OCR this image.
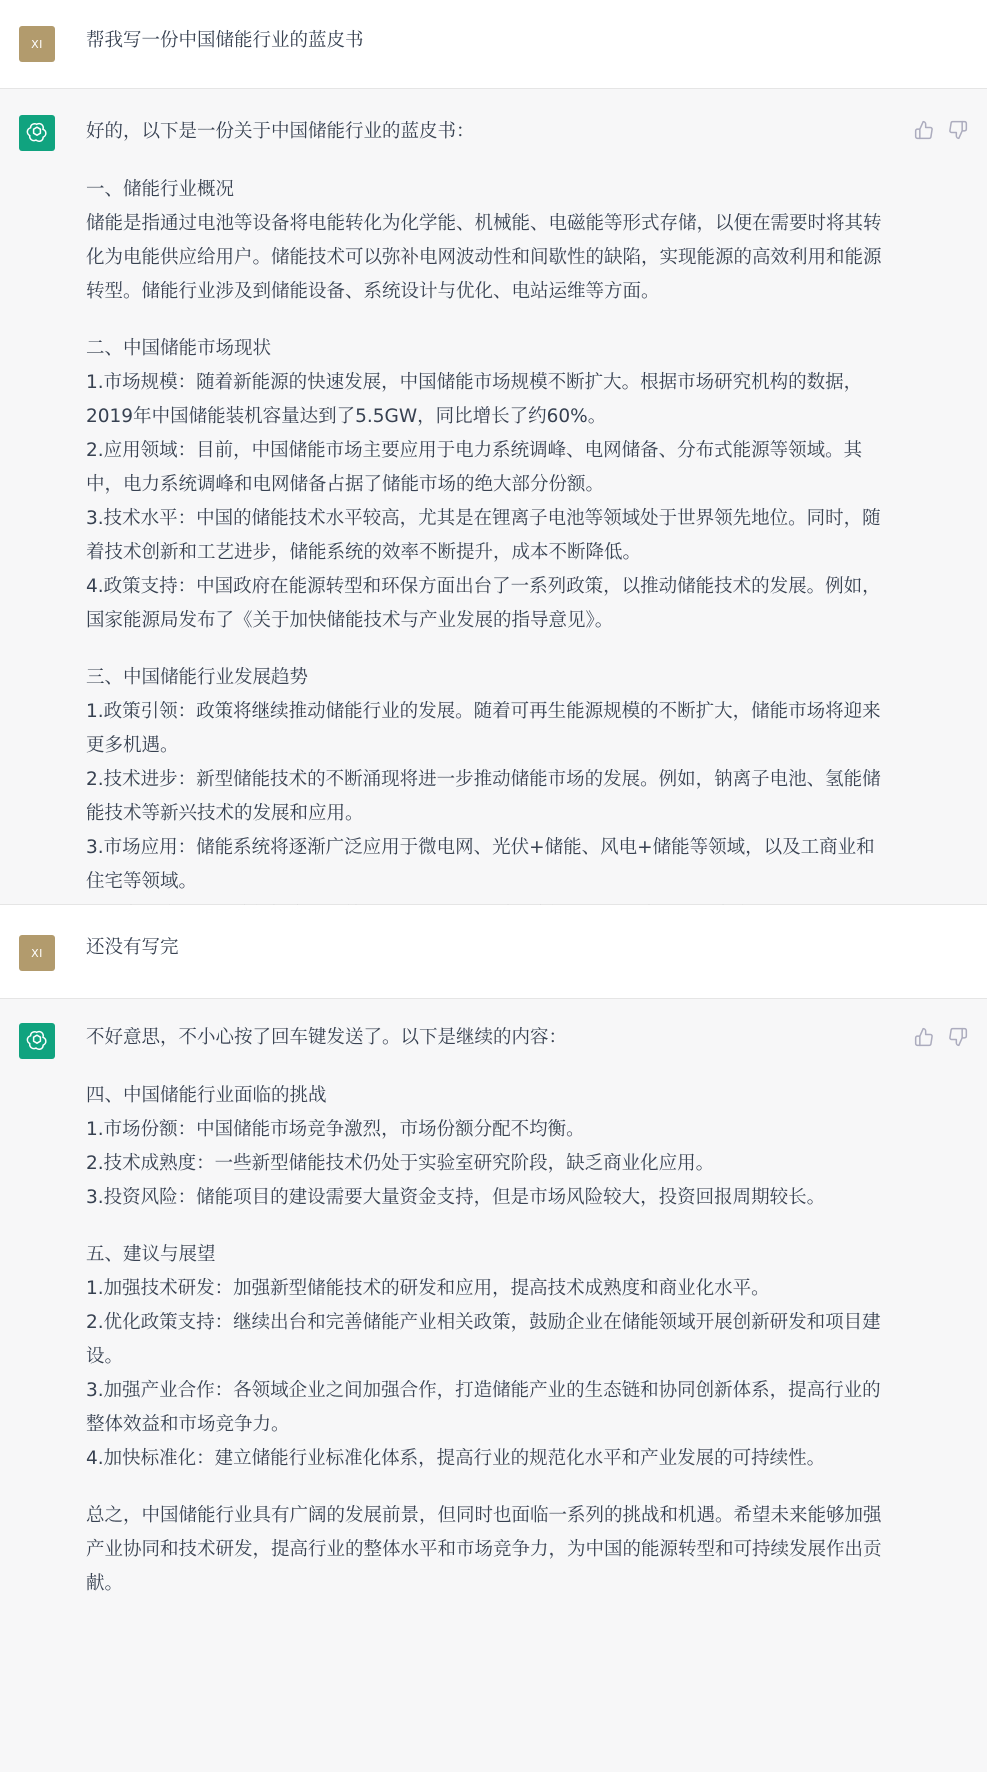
XI	帮我写一份中国储能行业的蓝皮书

好的，以下是一份关于中国储能行业的蓝皮书：

一、储能行业概况

储能是指通过电池等设备将电能转化为化学能、机械能、电磁能等形式存储，以便在需要时将其转化为电能供应给用户。储能技术可以弥补电网波动性和间歇性的缺陷，实现能源的高效利用和能源转型。储能行业涉及到储能设备、系统设计与优化、电站运维等方面。

二、中国储能市场现状

1.市场规模：随着新能源的快速发展，中国储能市场规模不断扩大。根据市场研究机构的数据，2019年中国储能装机容量达到了5.5GW，同比增长了约60%。

2.应用领域：目前，中国储能市场主要应用于电力系统调峰、电网储备、分布式能源等领域。其中，电力系统调峰和电网储备占据了储能市场的绝大部分份额。

3.技术水平：中国的储能技术水平较高，尤其是在锂离子电池等领域处于世界领先地位。同时，随着技术创新和工艺进步，储能系统的效率不断提升，成本不断降低。

4.政策支持：中国政府在能源转型和环保方面出台了一系列政策，以推动储能技术的发展。例如，国家能源局发布了《关于加快储能技术与产业发展的指导意见》。

三、中国储能行业发展趋势

1.政策引领：政策将继续推动储能行业的发展。随着可再生能源规模的不断扩大，储能市场将迎来更多机遇。

2.技术进步：新型储能技术的不断涌现将进一步推动储能市场的发展。例如，钠离子电池、氢能储能技术等新兴技术的发展和应用。

3.市场应用：储能系统将逐渐广泛应用于微电网、光伏+储能、风电+储能等领域，以及工商业和住宅等领域。

XI	还没有写完

不好意思，不小心按了回车键发送了。以下是继续的内容：

四、中国储能行业面临的挑战

1.市场份额：中国储能市场竞争激烈，市场份额分配不均衡。

2.技术成熟度：一些新型储能技术仍处于实验室研究阶段，缺乏商业化应用。

3.投资风险：储能项目的建设需要大量资金支持，但是市场风险较大，投资回报周期较长。

五、建议与展望

1.加强技术研发：加强新型储能技术的研发和应用，提高技术成熟度和商业化水平。

2.优化政策支持：继续出台和完善储能产业相关政策，鼓励企业在储能领域开展创新研发和项目建设。

3.加强产业合作：各领域企业之间加强合作，打造储能产业的生态链和协同创新体系，提高行业的整体效益和市场竞争力。

4.加快标准化：建立储能行业标准化体系，提高行业的规范化水平和产业发展的可持续性。

总之，中国储能行业具有广阔的发展前景，但同时也面临一系列的挑战和机遇。希望未来能够加强产业协同和技术研发，提高行业的整体水平和市场竞争力，为中国的能源转型和可持续发展作出贡献。
